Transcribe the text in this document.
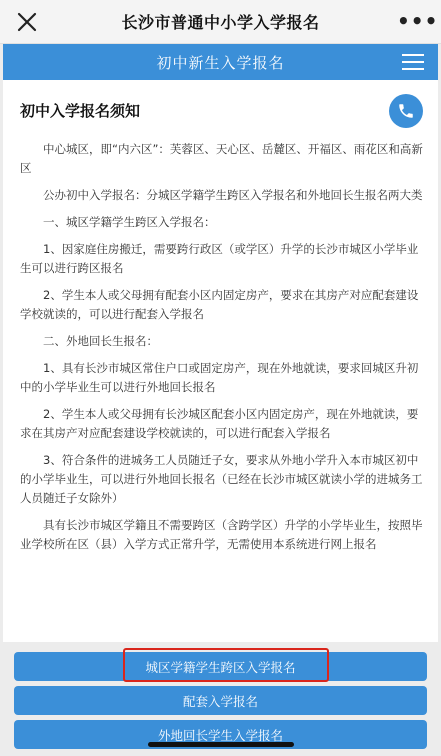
长沙市普通中小学入学报名	•••
初中新生入学报名
初中入学报名须知

中心城区，即“内六区”：芙蓉区、天心区、岳麓区、开福区、雨花区和高新区

公办初中入学报名：分城区学籍学生跨区入学报名和外地回长生报名两大类

一、城区学籍学生跨区入学报名：

1、因家庭住房搬迁，需要跨行政区（或学区）升学的长沙市城区小学毕业生可以进行跨区报名

2、学生本人或父母拥有配套小区内固定房产，要求在其房产对应配套建设学校就读的，可以进行配套入学报名

二、外地回长生报名：

1、具有长沙市城区常住户口或固定房产，现在外地就读，要求回城区升初中的小学毕业生可以进行外地回长报名

2、学生本人或父母拥有长沙城区配套小区内固定房产，现在外地就读，要求在其房产对应配套建设学校就读的，可以进行配套入学报名

3、符合条件的进城务工人员随迁子女，要求从外地小学升入本市城区初中的小学毕业生，可以进行外地回长报名（已经在长沙市城区就读小学的进城务工人员随迁子女除外）

具有长沙市城区学籍且不需要跨区（含跨学区）升学的小学毕业生，按照毕业学校所在区（县）入学方式正常升学，无需使用本系统进行网上报名

城区学籍学生跨区入学报名
配套入学报名
外地回长学生入学报名
